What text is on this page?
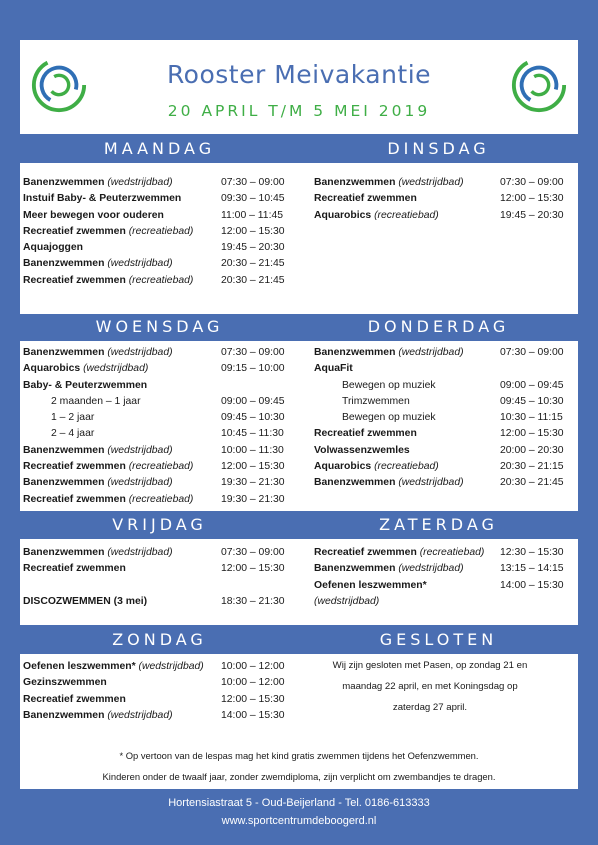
Rooster Meivakantie
20 APRIL T/M 5 MEI 2019
MAANDAG	DINSDAG
WOENSDAG	DONDERDAG
VRIJDAG	ZATERDAG
ZONDAG	GESLOTEN
Banenzwemmen (wedstrijdbad)	07:30 – 09:00
Instuif Baby- & Peuterzwemmen	09:30 – 10:45
Meer bewegen voor ouderen	11:00 – 11:45
Recreatief zwemmen (recreatiebad)	12:00 – 15:30
Aquajoggen	19:45 – 20:30
Banenzwemmen (wedstrijdbad)	20:30 – 21:45
Recreatief zwemmen (recreatiebad)	20:30 – 21:45
Banenzwemmen (wedstrijdbad)	07:30 – 09:00
Recreatief zwemmen	12:00 – 15:30
Aquarobics (recreatiebad)	19:45 – 20:30
Banenzwemmen (wedstrijdbad)	07:30 – 09:00
Aquarobics (wedstrijdbad)	09:15 – 10:00
Baby- & Peuterzwemmen
2 maanden – 1 jaar	09:00 – 09:45
1 – 2 jaar	09:45 – 10:30
2 – 4 jaar	10:45 – 11:30
Banenzwemmen (wedstrijdbad)	10:00 – 11:30
Recreatief zwemmen (recreatiebad)	12:00 – 15:30
Banenzwemmen (wedstrijdbad)	19:30 – 21:30
Recreatief zwemmen (recreatiebad)	19:30 – 21:30
Banenzwemmen (wedstrijdbad)	07:30 – 09:00
AquaFit
Bewegen op muziek	09:00 – 09:45
Trimzwemmen	09:45 – 10:30
Bewegen op muziek	10:30 – 11:15
Recreatief zwemmen	12:00 – 15:30
Volwassenzwemles	20:00 – 20:30
Aquarobics (recreatiebad)	20:30 – 21:15
Banenzwemmen (wedstrijdbad)	20:30 – 21:45
Banenzwemmen (wedstrijdbad)	07:30 – 09:00
Recreatief zwemmen	12:00 – 15:30
DISCOZWEMMEN (3 mei)	18:30 – 21:30
Recreatief zwemmen (recreatiebad) 12:30 – 15:30
Banenzwemmen (wedstrijdbad)	13:15 – 14:15
Oefenen leszwemmen*	14:00 – 15:30
(wedstrijdbad)
Oefenen leszwemmen* (wedstrijdbad) 10:00 – 12:00
Gezinszwemmen	10:00 – 12:00
Recreatief zwemmen	12:00 – 15:30
Banenzwemmen (wedstrijdbad)	14:00 – 15:30
Wij zijn gesloten met Pasen, op zondag 21 en
maandag 22 april, en met Koningsdag op
zaterdag 27 april.
* Op vertoon van de lespas mag het kind gratis zwemmen tijdens het Oefenzwemmen.
Kinderen onder de twaalf jaar, zonder zwemdiploma, zijn verplicht om zwembandjes te dragen.
Hortensiastraat 5 - Oud-Beijerland - Tel. 0186-613333
www.sportcentrumdeboogerd.nl
